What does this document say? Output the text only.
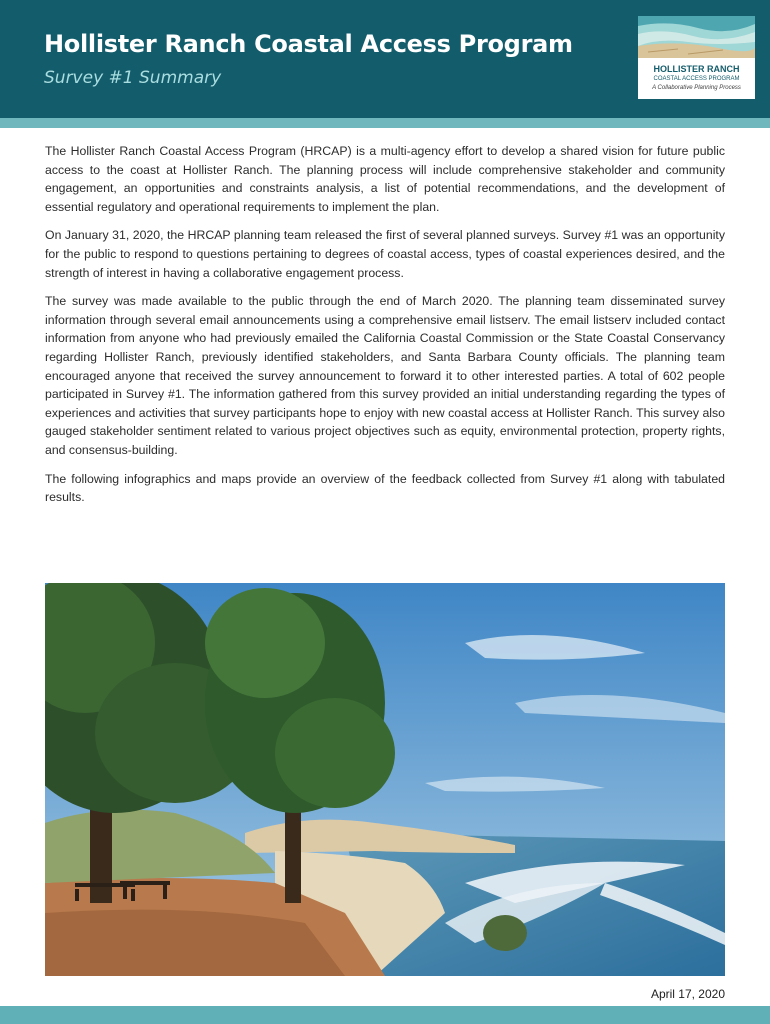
Hollister Ranch Coastal Access Program
Survey #1 Summary	HOLLISTER RANCH
COASTAL ACCESS PROGRAM
A Collaborative Planning Process

The Hollister Ranch Coastal Access Program (HRCAP) is a multi-agency effort to develop a shared vision for future public access to the coast at Hollister Ranch. The planning process will include comprehensive stakeholder and community engagement, an opportunities and constraints analysis, a list of potential recommendations, and the development of essential regulatory and operational requirements to implement the plan.

On January 31, 2020, the HRCAP planning team released the first of several planned surveys. Survey #1 was an opportunity for the public to respond to questions pertaining to degrees of coastal access, types of coastal experiences desired, and the strength of interest in having a collaborative engagement process.

The survey was made available to the public through the end of March 2020. The planning team disseminated survey information through several email announcements using a comprehensive email listserv. The email listserv included contact information from anyone who had previously emailed the California Coastal Commission or the State Coastal Conservancy regarding Hollister Ranch, previously identified stakeholders, and Santa Barbara County officials. The planning team encouraged anyone that received the survey announcement to forward it to other interested parties. A total of 602 people participated in Survey #1. The information gathered from this survey provided an initial understanding regarding the types of experiences and activities that survey participants hope to enjoy with new coastal access at Hollister Ranch. This survey also gauged stakeholder sentiment related to various project objectives such as equity, environmental protection, property rights, and consensus-building.

The following infographics and maps provide an overview of the feedback collected from Survey #1 along with tabulated results.

April 17, 2020
